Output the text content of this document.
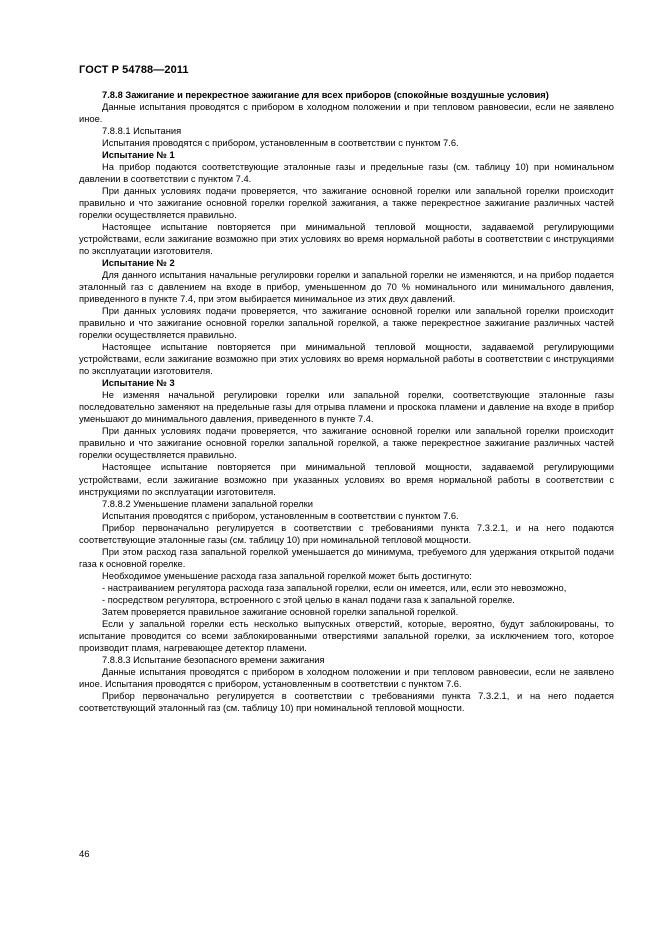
ГОСТ Р 54788—2011

7.8.8 Зажигание и перекрестное зажигание для всех приборов (спокойные воздушные условия)

Данные испытания проводятся с прибором в холодном положении и при тепловом равновесии, если не заявлено иное.

7.8.8.1 Испытания

Испытания проводятся с прибором, установленным в соответствии с пунктом 7.6.

Испытание № 1

На прибор подаются соответствующие эталонные газы и предельные газы (см. таблицу 10) при номинальном давлении в соответствии с пунктом 7.4.

При данных условиях подачи проверяется, что зажигание основной горелки или запальной горелки происходит правильно и что зажигание основной горелки горелкой зажигания, а также перекрестное зажигание различных частей горелки осуществляется правильно.

Настоящее испытание повторяется при минимальной тепловой мощности, задаваемой регулирующими устройствами, если зажигание возможно при этих условиях во время нормальной работы в соответствии с инструкциями по эксплуатации изготовителя.

Испытание № 2

Для данного испытания начальные регулировки горелки и запальной горелки не изменяются, и на прибор подается эталонный газ с давлением на входе в прибор, уменьшенном до 70 % номинального или минимального давления, приведенного в пункте 7.4, при этом выбирается минимальное из этих двух давлений.

При данных условиях подачи проверяется, что зажигание основной горелки или запальной горелки происходит правильно и что зажигание основной горелки запальной горелкой, а также перекрестное зажигание различных частей горелки осуществляется правильно.

Настоящее испытание повторяется при минимальной тепловой мощности, задаваемой регулирующими устройствами, если зажигание возможно при этих условиях во время нормальной работы в соответствии с инструкциями по эксплуатации изготовителя.

Испытание № 3

Не изменяя начальной регулировки горелки или запальной горелки, соответствующие эталонные газы последовательно заменяют на предельные газы для отрыва пламени и проскока пламени и давление на входе в прибор уменьшают до минимального давления, приведенного в пункте 7.4.

При данных условиях подачи проверяется, что зажигание основной горелки или запальной горелки происходит правильно и что зажигание основной горелки запальной горелкой, а также перекрестное зажигание различных частей горелки осуществляется правильно.

Настоящее испытание повторяется при минимальной тепловой мощности, задаваемой регулирующими устройствами, если зажигание возможно при указанных условиях во время нормальной работы в соответствии с инструкциями по эксплуатации изготовителя.

7.8.8.2 Уменьшение пламени запальной горелки

Испытания проводятся с прибором, установленным в соответствии с пунктом 7.6.

Прибор первоначально регулируется в соответствии с требованиями пункта 7.3.2.1, и на него подаются соответствующие эталонные газы (см. таблицу 10) при номинальной тепловой мощности.

При этом расход газа запальной горелкой уменьшается до минимума, требуемого для удержания открытой подачи газа к основной горелке.

Необходимое уменьшение расхода газа запальной горелкой может быть достигнуто:

- настраиванием регулятора расхода газа запальной горелки, если он имеется, или, если это невозможно,

- посредством регулятора, встроенного с этой целью в канал подачи газа к запальной горелке.

Затем проверяется правильное зажигание основной горелки запальной горелкой.

Если у запальной горелки есть несколько выпускных отверстий, которые, вероятно, будут заблокированы, то испытание проводится со всеми заблокированными отверстиями запальной горелки, за исключением того, которое производит пламя, нагревающее детектор пламени.

7.8.8.3 Испытание безопасного времени зажигания

Данные испытания проводятся с прибором в холодном положении и при тепловом равновесии, если не заявлено иное. Испытания проводятся с прибором, установленным в соответствии с пунктом 7.6.

Прибор первоначально регулируется в соответствии с требованиями пункта 7.3.2.1, и на него подается соответствующий эталонный газ (см. таблицу 10) при номинальной тепловой мощности.

46
